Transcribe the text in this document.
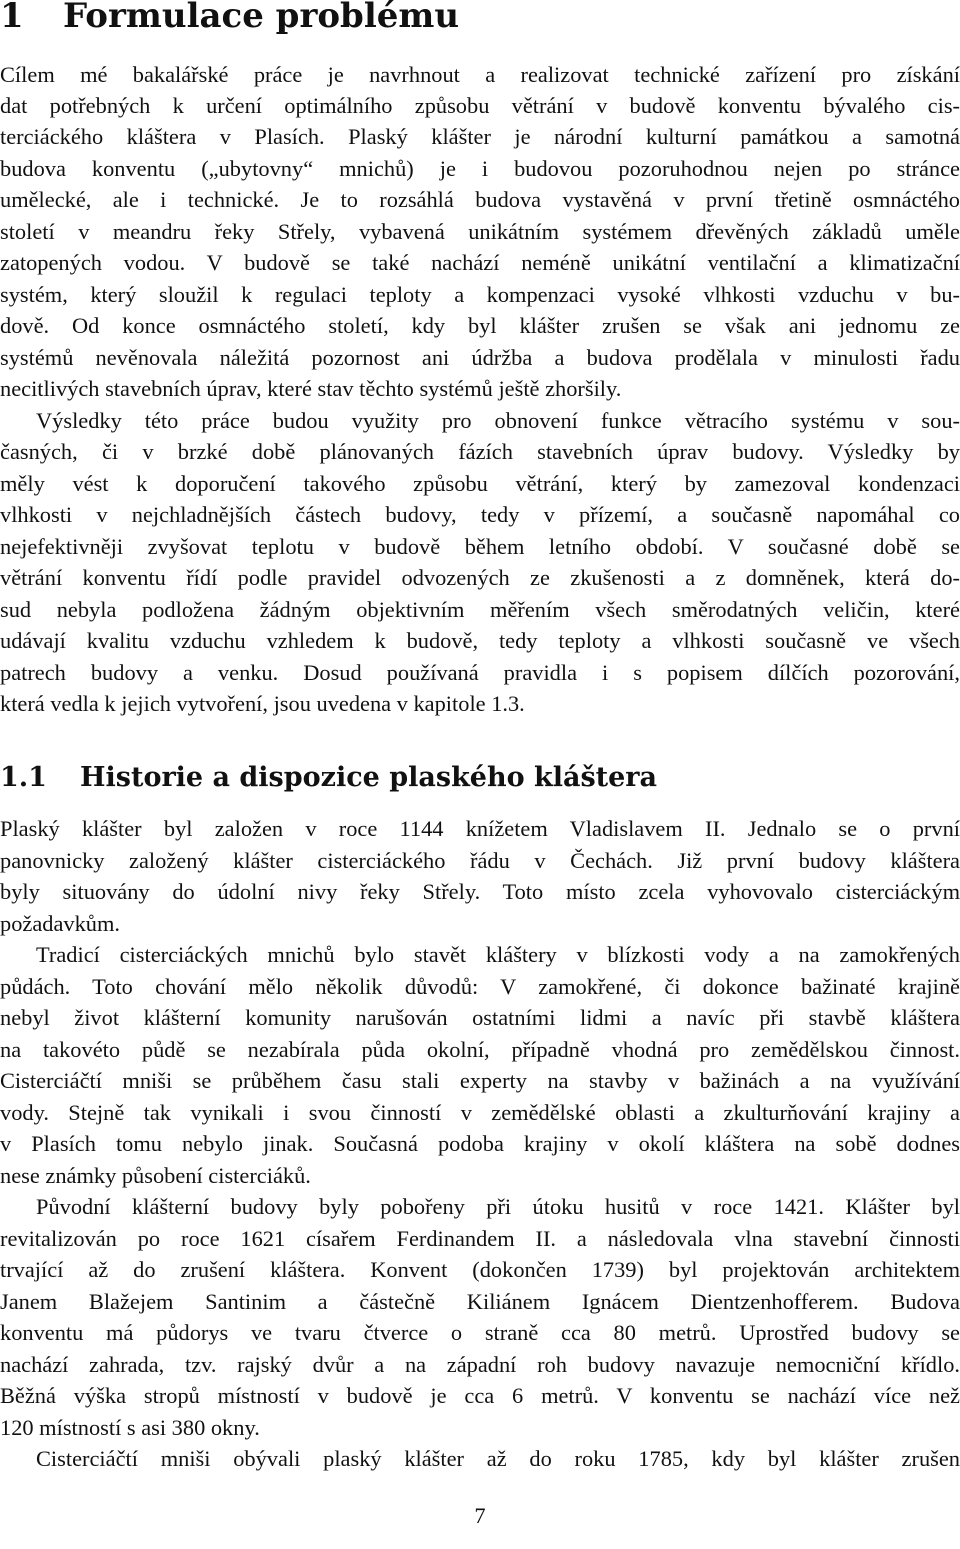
1 Formulace problému

Cílem mé bakalářské práce je navrhnout a realizovat technické zařízení pro získání

dat potřebných k určení optimálního způsobu větrání v budově konventu bývalého cis-

terciáckého kláštera v Plasích. Plaský klášter je národní kulturní památkou a samotná

budova konventu („ubytovny“ mnichů) je i budovou pozoruhodnou nejen po stránce

umělecké, ale i technické. Je to rozsáhlá budova vystavěná v první třetině osmnáctého

století v meandru řeky Střely, vybavená unikátním systémem dřevěných základů uměle

zatopených vodou. V budově se také nachází neméně unikátní ventilační a klimatizační

systém, který sloužil k regulaci teploty a kompenzaci vysoké vlhkosti vzduchu v bu-

dově. Od konce osmnáctého století, kdy byl klášter zrušen se však ani jednomu ze

systémů nevěnovala náležitá pozornost ani údržba a budova prodělala v minulosti řadu

necitlivých stavebních úprav, které stav těchto systémů ještě zhoršily.

Výsledky této práce budou využity pro obnovení funkce větracího systému v sou-

časných, či v brzké době plánovaných fázích stavebních úprav budovy. Výsledky by

měly vést k doporučení takového způsobu větrání, který by zamezoval kondenzaci

vlhkosti v nejchladnějších částech budovy, tedy v přízemí, a současně napomáhal co

nejefektivněji zvyšovat teplotu v budově během letního období. V současné době se

větrání konventu řídí podle pravidel odvozených ze zkušenosti a z domněnek, která do-

sud nebyla podložena žádným objektivním měřením všech směrodatných veličin, které

udávají kvalitu vzduchu vzhledem k budově, tedy teploty a vlhkosti současně ve všech

patrech budovy a venku. Dosud používaná pravidla i s popisem dílčích pozorování,

která vedla k jejich vytvoření, jsou uvedena v kapitole 1.3.

1.1 Historie a dispozice plaského kláštera

Plaský klášter byl založen v roce 1144 knížetem Vladislavem II. Jednalo se o první

panovnicky založený klášter cisterciáckého řádu v Čechách. Již první budovy kláštera

byly situovány do údolní nivy řeky Střely. Toto místo zcela vyhovovalo cisterciáckým

požadavkům.

Tradicí cisterciáckých mnichů bylo stavět kláštery v blízkosti vody a na zamokřených

půdách. Toto chování mělo několik důvodů: V zamokřené, či dokonce bažinaté krajině

nebyl život klášterní komunity narušován ostatními lidmi a navíc při stavbě kláštera

na takovéto půdě se nezabírala půda okolní, případně vhodná pro zemědělskou činnost.

Cisterciáčtí mniši se průběhem času stali experty na stavby v bažinách a na využívání

vody. Stejně tak vynikali i svou činností v zemědělské oblasti a zkulturňování krajiny a

v Plasích tomu nebylo jinak. Současná podoba krajiny v okolí kláštera na sobě dodnes

nese známky působení cisterciáků.

Původní klášterní budovy byly pobořeny při útoku husitů v roce 1421. Klášter byl

revitalizován po roce 1621 císařem Ferdinandem II. a následovala vlna stavební činnosti

trvající až do zrušení kláštera. Konvent (dokončen 1739) byl projektován architektem

Janem Blažejem Santinim a částečně Kiliánem Ignácem Dientzenhofferem. Budova

konventu má půdorys ve tvaru čtverce o straně cca 80 metrů. Uprostřed budovy se

nachází zahrada, tzv. rajský dvůr a na západní roh budovy navazuje nemocniční křídlo.

Běžná výška stropů místností v budově je cca 6 metrů. V konventu se nachází více než

120 místností s asi 380 okny.

Cisterciáčtí mniši obývali plaský klášter až do roku 1785, kdy byl klášter zrušen

7
